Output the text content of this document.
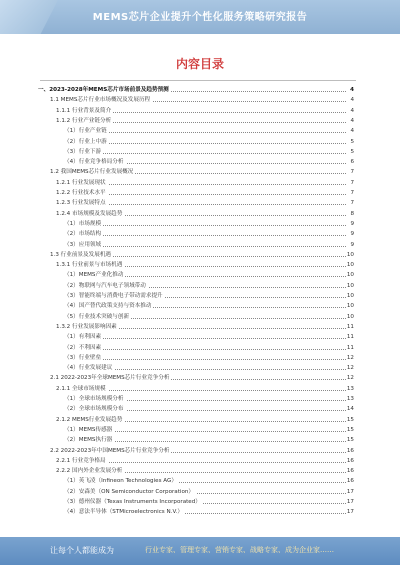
MEMS芯片企业提升个性化服务策略研究报告
内容目录
一、2023-2028年MEMS芯片市场前景及趋势预测	4
1.1 MEMS芯片行业市场概况及发展历程	4
1.1.1 行业背景及简介	4
1.1.2 行业产业链分析	4
（1）行业产业链	4
（2）行业上中游	5
（3）行业下游	5
（4）行业竞争格局分析	6
1.2 我国MEMS芯片行业发展概况	7
1.2.1 行业发展现状	7
1.2.2 行业技术水平	7
1.2.3 行业发展特点	7
1.2.4 市场规模及发展趋势	8
（1）市场规模	9
（2）市场结构	9
（3）应用领域	9
1.3 行业前景及发展机遇	10
1.3.1 行业前景与市场机遇	10
（1）MEMS产业化推动	10
（2）物联网与汽车电子领域带动	10
（3）智能终端与消费电子带动需求提升	10
（4）国产替代政策支持与资本推动	10
（5）行业技术突破与创新	10
1.3.2 行业发展影响因素	11
（1）有利因素	11
（2）不利因素	11
（3）行业壁垒	12
（4）行业发展建议	12
2.1 2022-2023年全球MEMS芯片行业竞争分析	12
2.1.1 全球市场规模	13
（1）全球市场规模分析	13
（2）全球市场规模分布	14
2.1.2 MEMS行业发展趋势	15
（1）MEMS传感器	15
（2）MEMS执行器	15
2.2 2022-2023年中国MEMS芯片行业竞争分析	16
2.2.1 行业竞争格局	16
2.2.2 国内外企业发展分析	16
（1）英飞凌（Infineon Technologies AG）	16
（2）安森美（ON Semiconductor Corporation）	17
（3）德州仪器（Texas Instruments Incorporated）	17
（4）意法半导体（STMicroelectronics N.V.）	17
让每个人都能成为	行业专家、管理专家、营销专家、战略专家、成为企业家……
